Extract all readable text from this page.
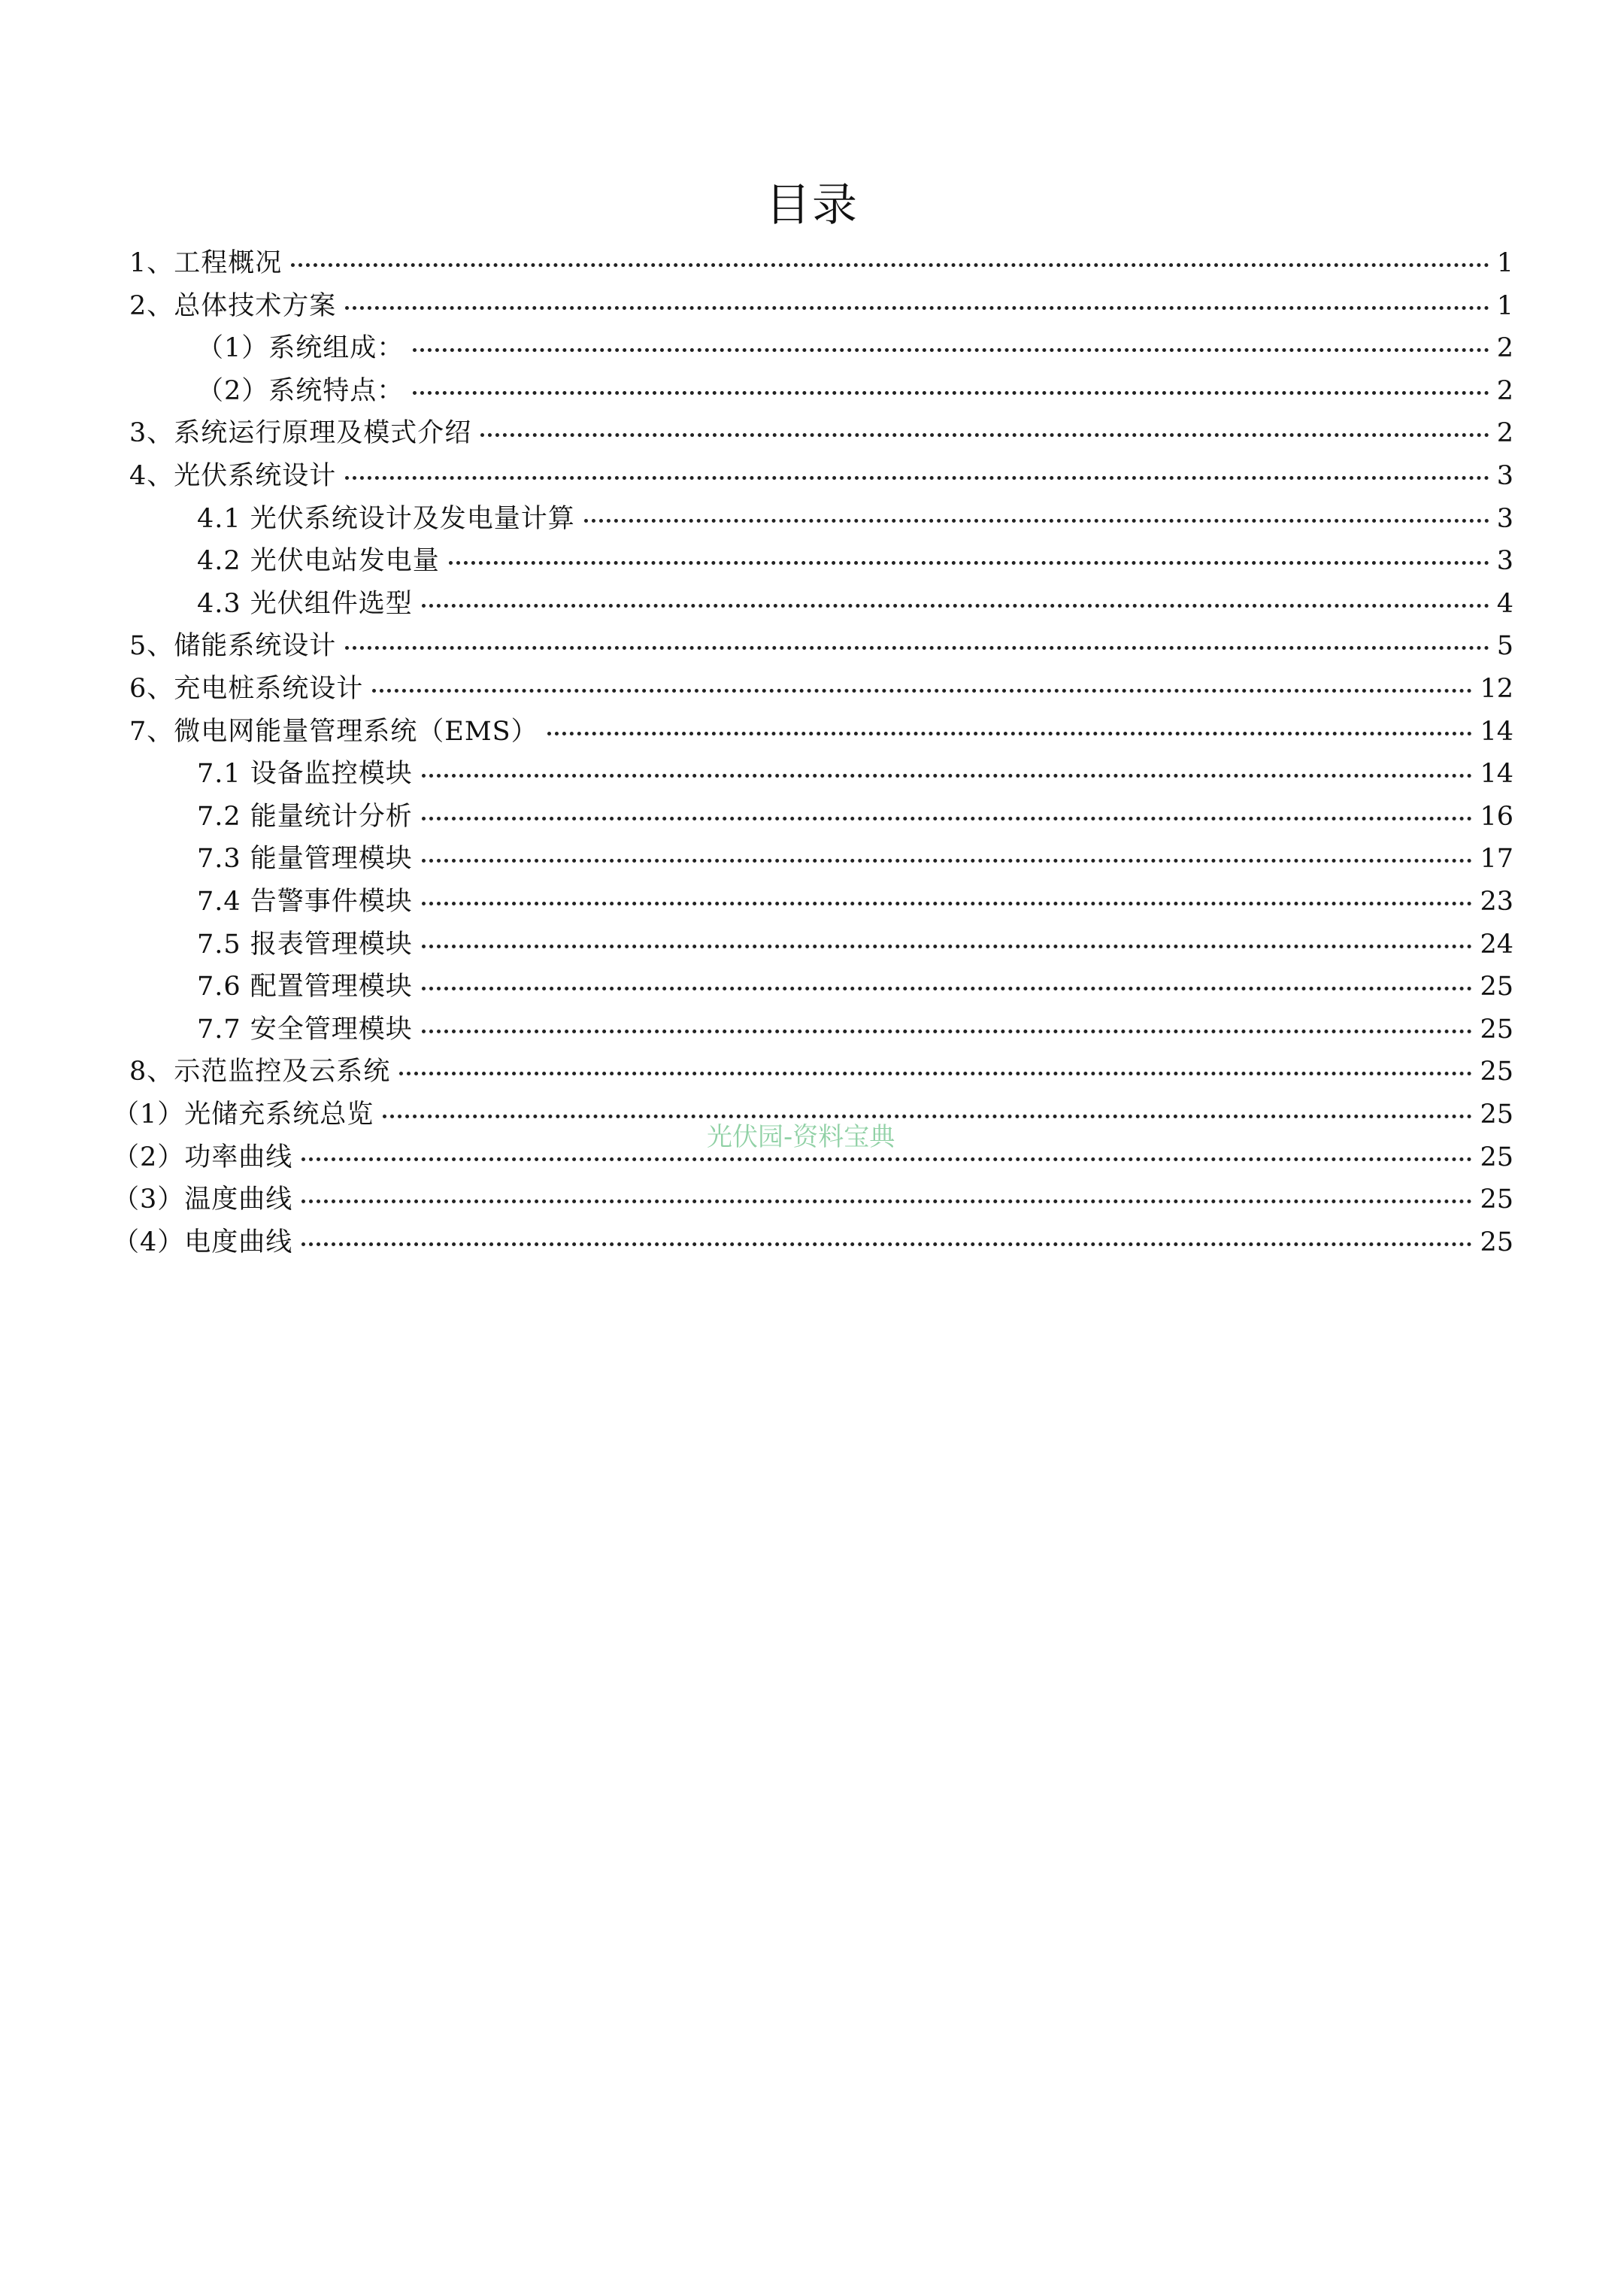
目录
1、工程概况	1
2、总体技术方案	1
（1）系统组成：	2
（2）系统特点：	2
3、系统运行原理及模式介绍	2
4、光伏系统设计	3
4.1 光伏系统设计及发电量计算	3
4.2 光伏电站发电量	3
4.3 光伏组件选型	4
5、储能系统设计	5
6、充电桩系统设计	12
7、微电网能量管理系统（EMS）	14
7.1 设备监控模块	14
7.2 能量统计分析	16
7.3 能量管理模块	17
7.4 告警事件模块	23
7.5 报表管理模块	24
7.6 配置管理模块	25
7.7 安全管理模块	25
8、示范监控及云系统	25
（1）光储充系统总览	25
（2）功率曲线	25
（3）温度曲线	25
（4）电度曲线	25
光伏园-资料宝典
